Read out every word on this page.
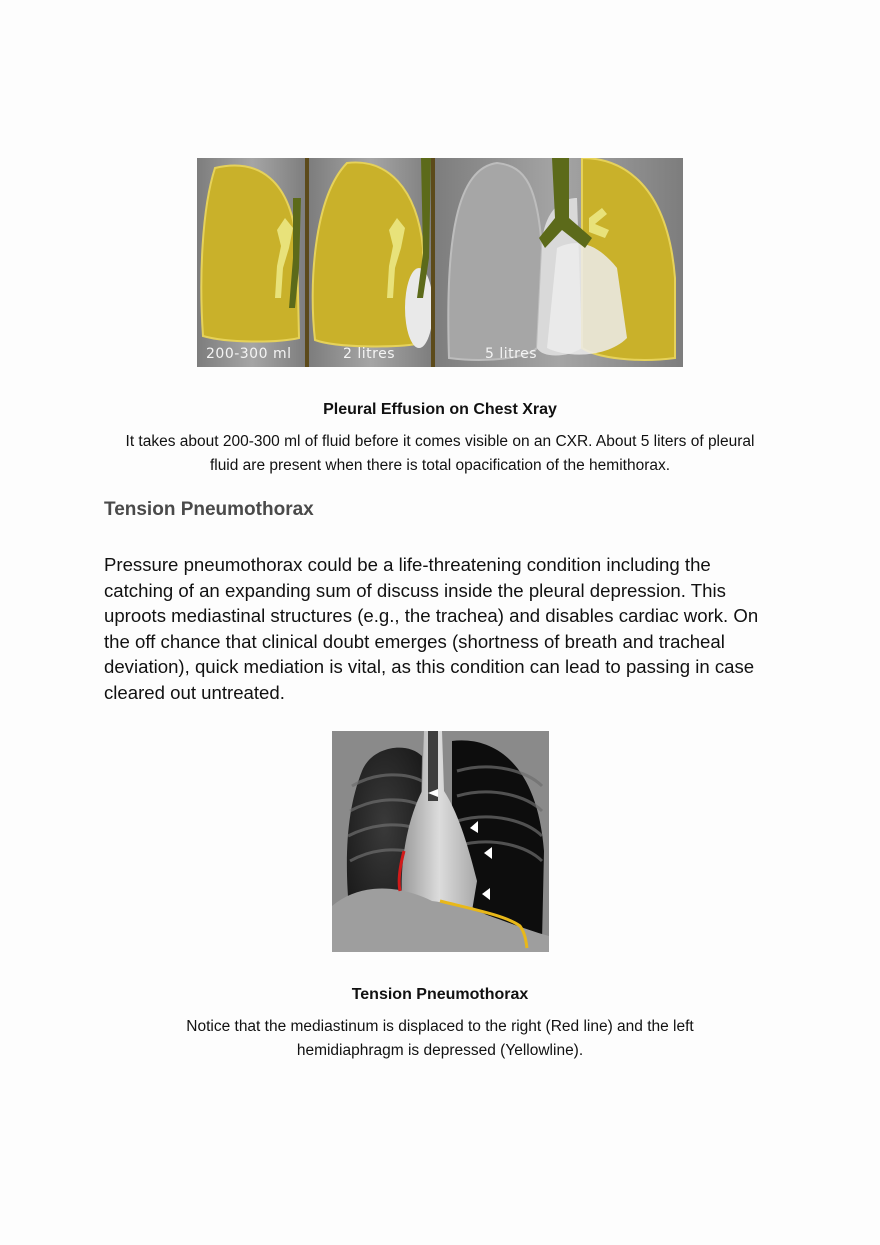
200-300 ml	2 litres	5 litres
Pleural Effusion on Chest Xray
It takes about 200-300 ml of fluid before it comes visible on an CXR. About 5 liters of pleural fluid are present when there is total opacification of the hemithorax.
Tension Pneumothorax
Pressure pneumothorax could be a life-threatening condition including the catching of an expanding sum of discuss inside the pleural depression. This uproots mediastinal structures (e.g., the trachea) and disables cardiac work. On the off chance that clinical doubt emerges (shortness of breath and tracheal deviation), quick mediation is vital, as this condition can lead to passing in case cleared out untreated.
Tension Pneumothorax
Notice that the mediastinum is displaced to the right (Red line) and the left hemidiaphragm is depressed (Yellowline).
